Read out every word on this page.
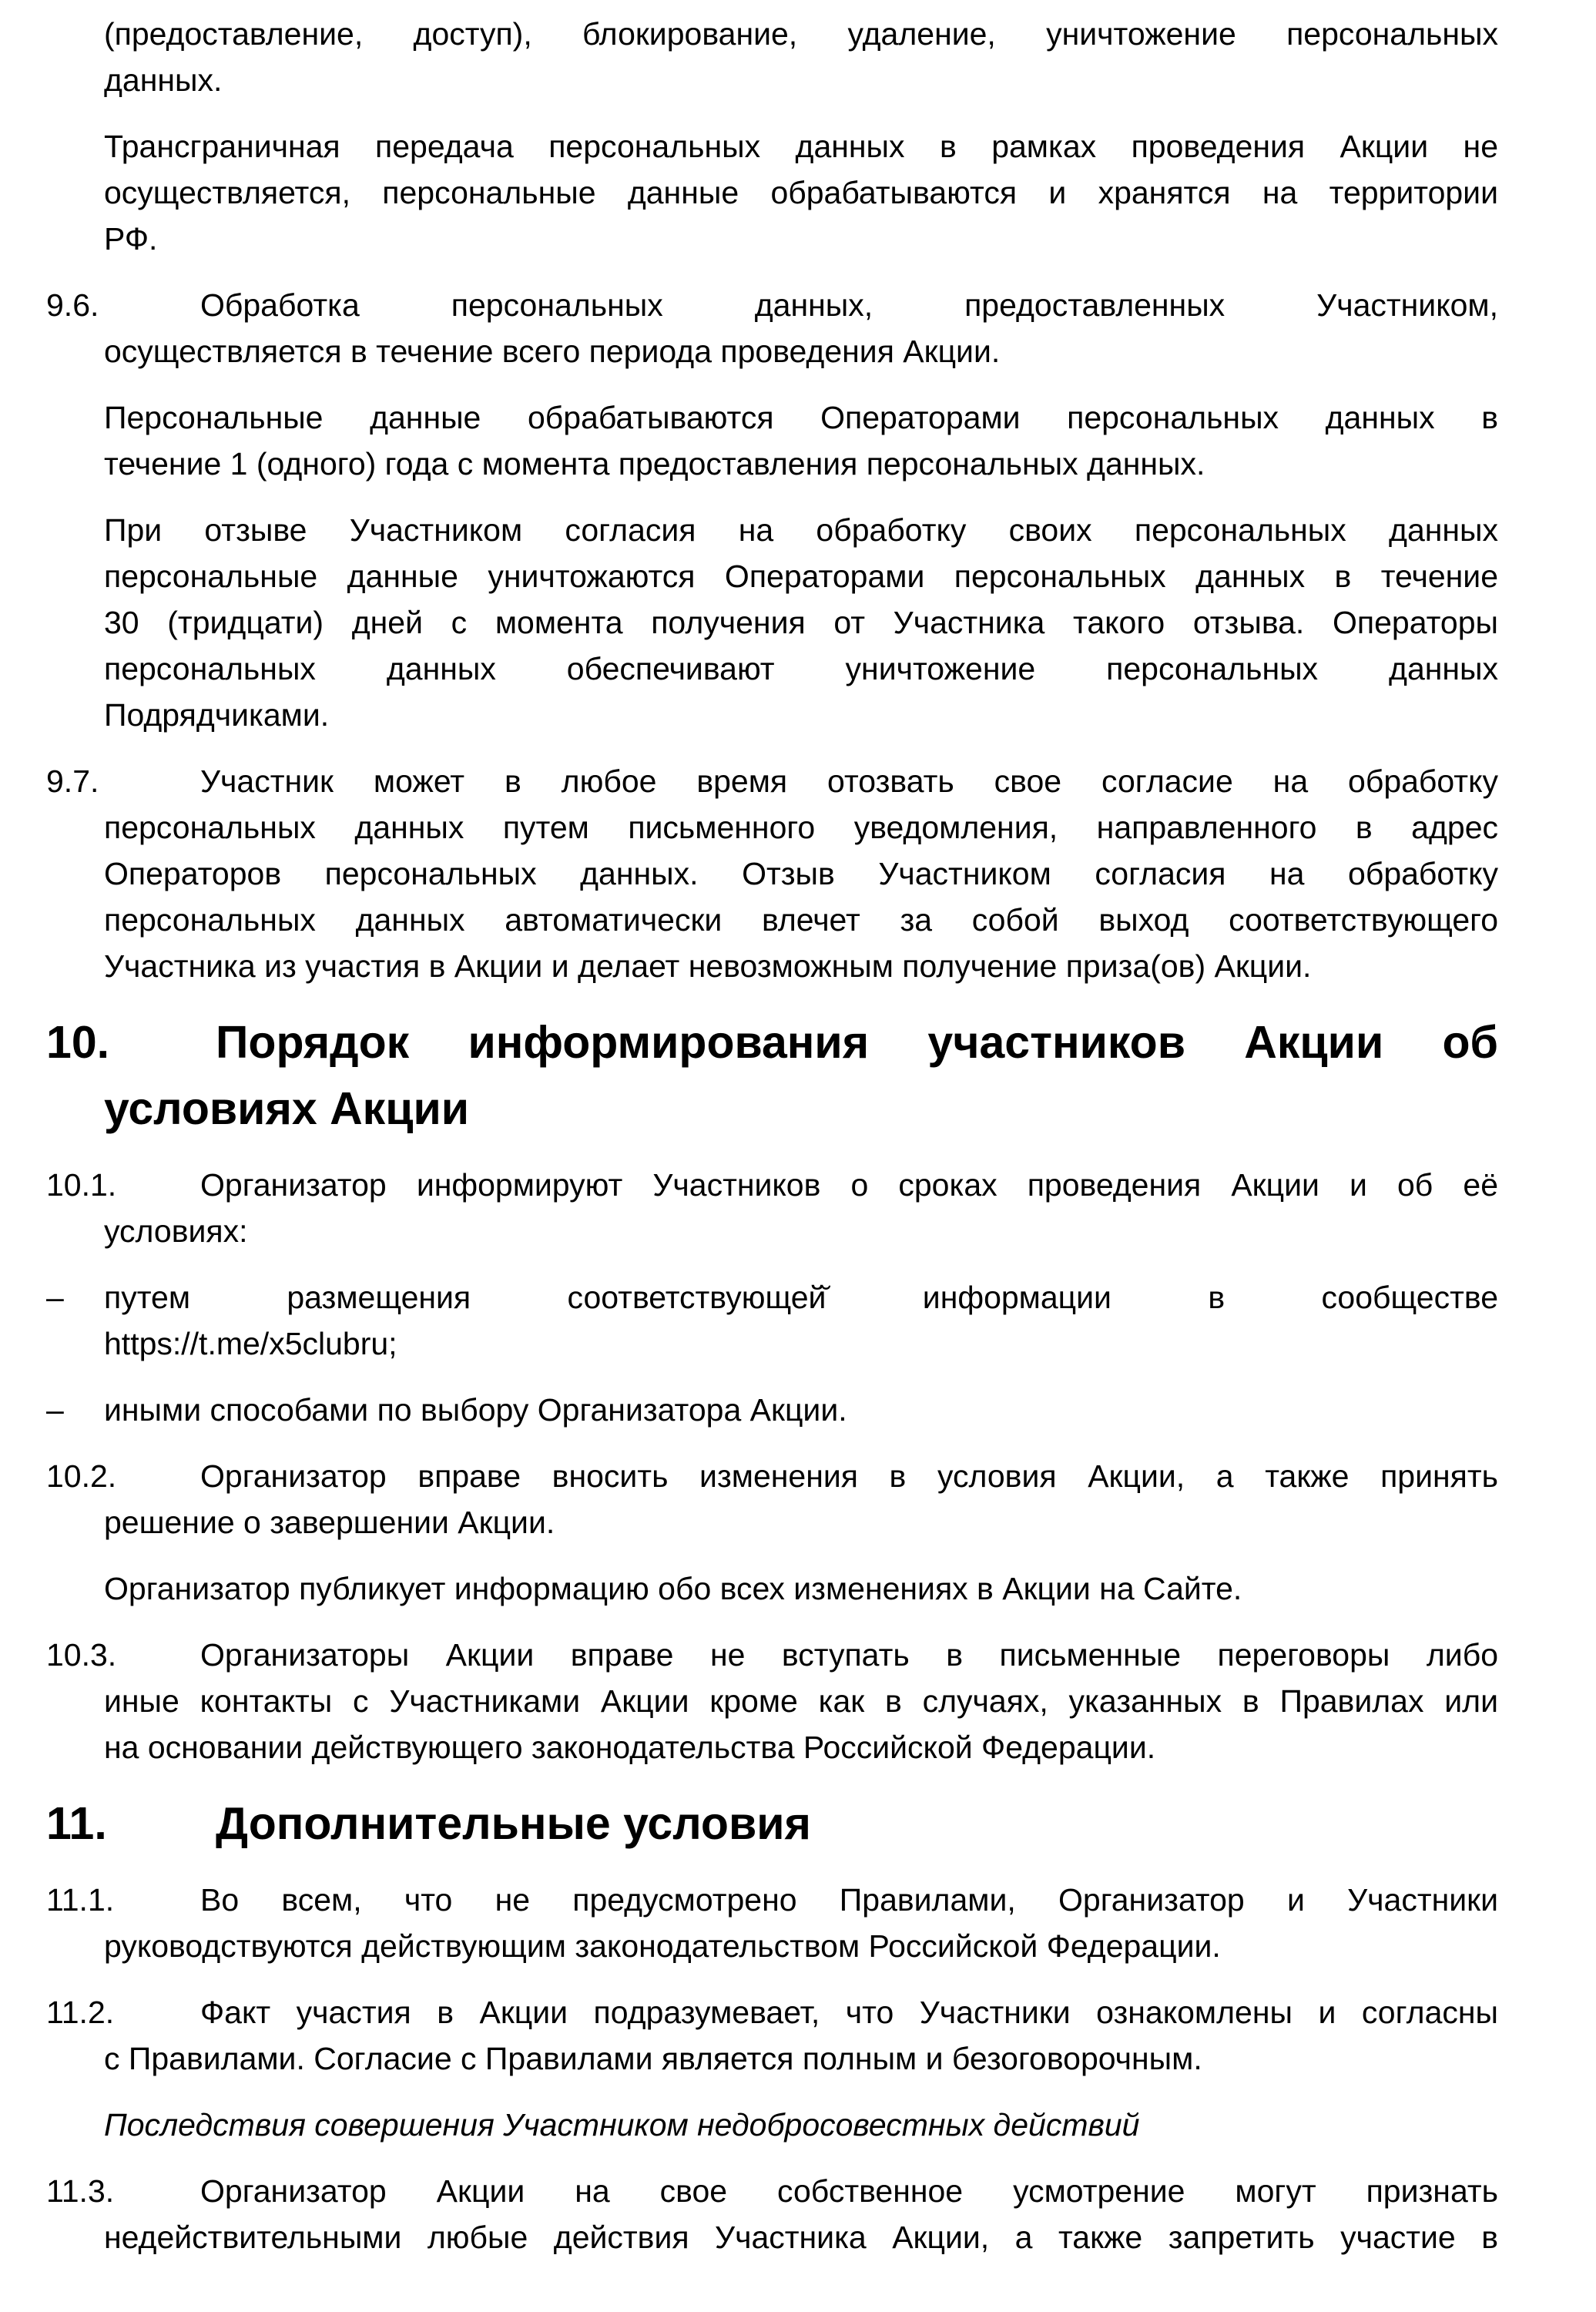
(предоставление, доступ), блокирование, удаление, уничтожение персональных
данных.
Трансграничная передача персональных данных в рамках проведения Акции не
осуществляется, персональные данные обрабатываются и хранятся на территории
РФ.
9.6.	Обработка персональных данных, предоставленных Участником,
осуществляется в течение всего периода проведения Акции.
Персональные данные обрабатываются Операторами персональных данных в
течение 1 (одного) года с момента предоставления персональных данных.
При отзыве Участником согласия на обработку своих персональных данных
персональные данные уничтожаются Операторами персональных данных в течение
30 (тридцати) дней с момента получения от Участника такого отзыва. Операторы
персональных данных обеспечивают уничтожение персональных данных
Подрядчиками.
9.7.	Участник может в любое время отозвать свое согласие на обработку
персональных данных путем письменного уведомления, направленного в адрес
Операторов персональных данных. Отзыв Участником согласия на обработку
персональных данных автоматически влечет за собой выход соответствующего
Участника из участия в Акции и делает невозможным получение приза(ов) Акции.
10.	Порядок информирования участников Акции об
условиях Акции
10.1.	Организатор информируют Участников о сроках проведения Акции и об её
условиях:
– путем размещения соответствующей̆ информации в сообществе
https://t.me/x5clubru;
– иными способами по выбору Организатора Акции.
10.2.	Организатор вправе вносить изменения в условия Акции, а также принять
решение о завершении Акции.
Организатор публикует информацию обо всех изменениях в Акции на Сайте.
10.3.	Организаторы Акции вправе не вступать в письменные переговоры либо
иные контакты с Участниками Акции кроме как в случаях, указанных в Правилах или
на основании действующего законодательства Российской Федерации.
11.	Дополнительные условия
11.1.	Во всем, что не предусмотрено Правилами, Организатор и Участники
руководствуются действующим законодательством Российской Федерации.
11.2.	Факт участия в Акции подразумевает, что Участники ознакомлены и согласны
с Правилами. Согласие с Правилами является полным и безоговорочным.
Последствия совершения Участником недобросовестных действий
11.3.	Организатор Акции на свое собственное усмотрение могут признать
недействительными любые действия Участника Акции, а также запретить участие в
